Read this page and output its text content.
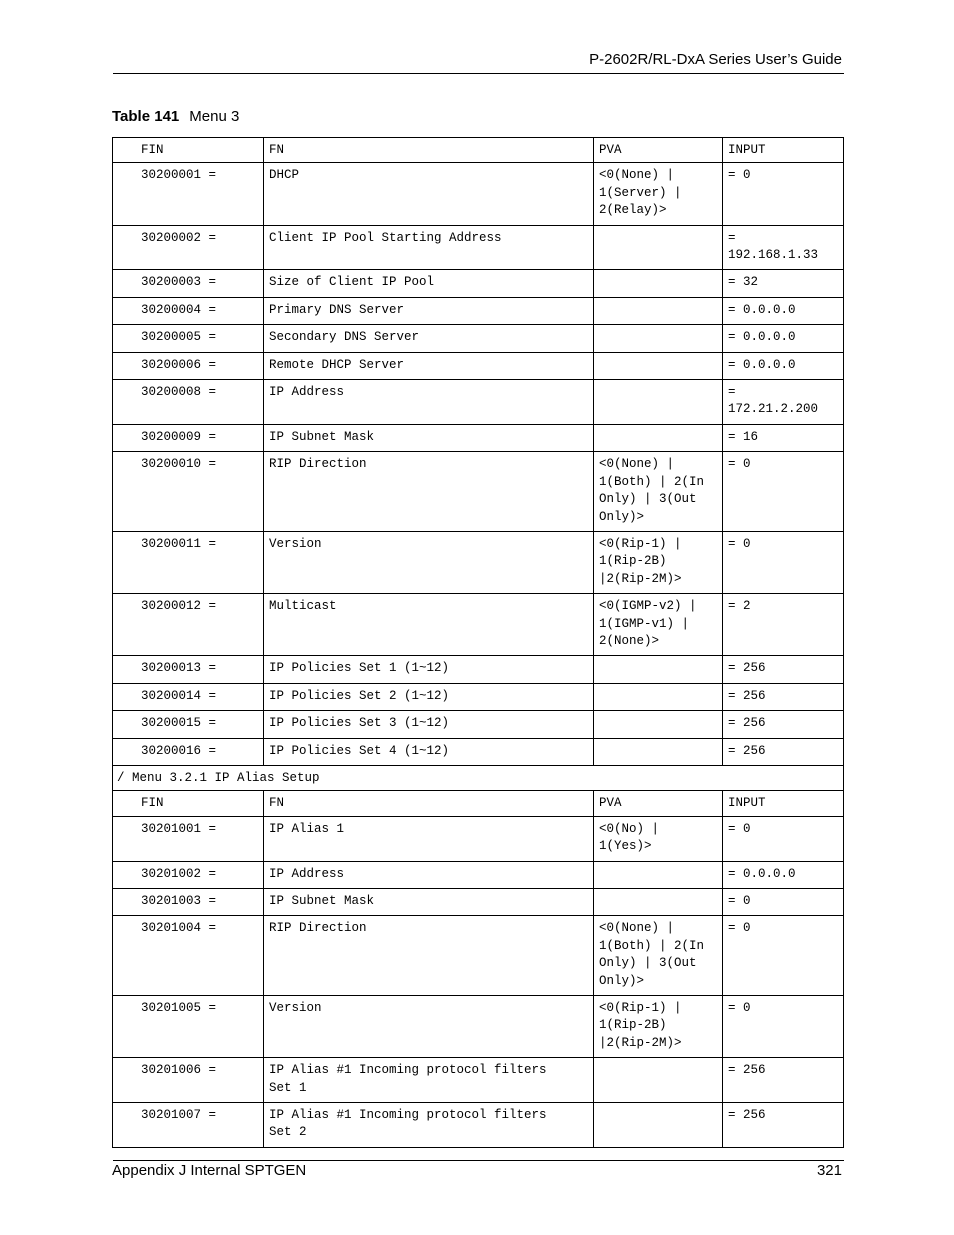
P-2602R/RL-DxA Series User’s Guide
Table 141 Menu 3
FIN	FN	PVA	INPUT
30200001 =	DHCP	<0(None) |
1(Server) |
2(Relay)>	= 0
30200002 =	Client IP Pool Starting Address		=
192.168.1.33
30200003 =	Size of Client IP Pool		= 32
30200004 =	Primary DNS Server		= 0.0.0.0
30200005 =	Secondary DNS Server		= 0.0.0.0
30200006 =	Remote DHCP Server		= 0.0.0.0
30200008 =	IP Address		=
172.21.2.200
30200009 =	IP Subnet Mask		= 16
30200010 =	RIP Direction	<0(None) |
1(Both) | 2(In
Only) | 3(Out
Only)>	= 0
30200011 =	Version	<0(Rip-1) |
1(Rip-2B)
|2(Rip-2M)>	= 0
30200012 =	Multicast	<0(IGMP-v2) |
1(IGMP-v1) |
2(None)>	= 2
30200013 =	IP Policies Set 1 (1~12)		= 256
30200014 =	IP Policies Set 2 (1~12)		= 256
30200015 =	IP Policies Set 3 (1~12)		= 256
30200016 =	IP Policies Set 4 (1~12)		= 256
/ Menu 3.2.1 IP Alias Setup			
FIN	FN	PVA	INPUT
30201001 =	IP Alias 1	<0(No) |
1(Yes)>	= 0
30201002 =	IP Address		= 0.0.0.0
30201003 =	IP Subnet Mask		= 0
30201004 =	RIP Direction	<0(None) |
1(Both) | 2(In
Only) | 3(Out
Only)>	= 0
30201005 =	Version	<0(Rip-1) |
1(Rip-2B)
|2(Rip-2M)>	= 0
30201006 =	IP Alias #1 Incoming protocol filters
Set 1		= 256
30201007 =	IP Alias #1 Incoming protocol filters
Set 2		= 256
Appendix J Internal SPTGEN	321
